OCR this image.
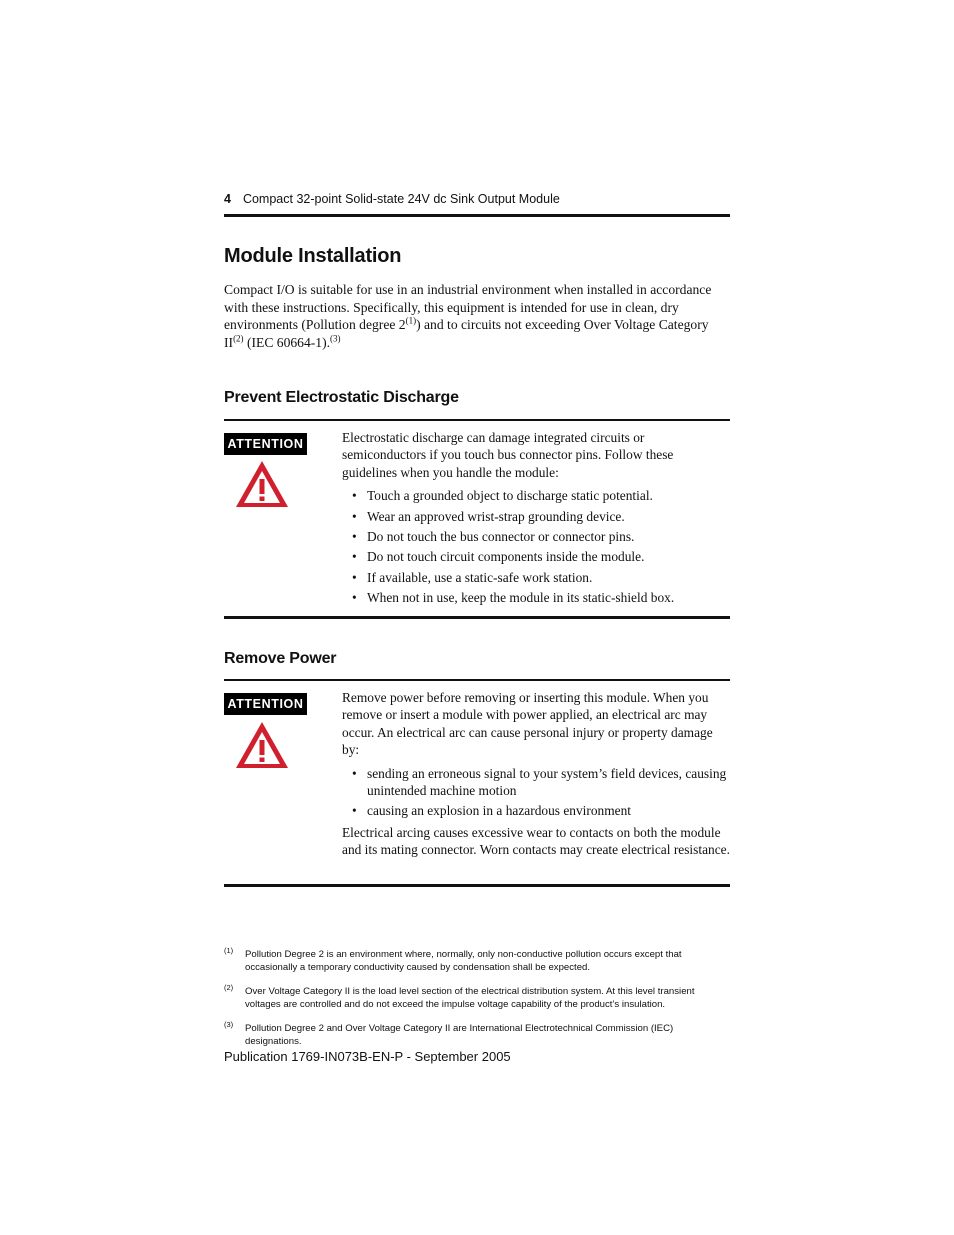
4 Compact 32-point Solid-state 24V dc Sink Output Module
Module Installation

Compact I/O is suitable for use in an industrial environment when installed in accordance with these instructions. Specifically, this equipment is intended for use in clean, dry environments (Pollution degree 2$^{(1)}$) and to circuits not exceeding Over Voltage Category II$^{(2)}$ (IEC 60664-1).$^{(3)}$

Prevent Electrostatic Discharge
ATTENTION	Electrostatic discharge can damage integrated circuits or semiconductors if you touch bus connector pins. Follow these guidelines when you handle the module:

• Touch a grounded object to discharge static potential.
• Wear an approved wrist-strap grounding device.
• Do not touch the bus connector or connector pins.
• Do not touch circuit components inside the module.
• If available, use a static-safe work station.
• When not in use, keep the module in its static-shield box.
Remove Power
ATTENTION	Remove power before removing or inserting this module. When you remove or insert a module with power applied, an electrical arc may occur. An electrical arc can cause personal injury or property damage by:

• sending an erroneous signal to your system’s field devices, causing unintended machine motion
• causing an explosion in a hazardous environment

Electrical arcing causes excessive wear to contacts on both the module and its mating connector. Worn contacts may create electrical resistance.

(1) Pollution Degree 2 is an environment where, normally, only non-conductive pollution occurs except that occasionally a temporary conductivity caused by condensation shall be expected.
(2) Over Voltage Category II is the load level section of the electrical distribution system. At this level transient voltages are controlled and do not exceed the impulse voltage capability of the product’s insulation.
(3) Pollution Degree 2 and Over Voltage Category II are International Electrotechnical Commission (IEC) designations.
Publication 1769-IN073B-EN-P - September 2005
